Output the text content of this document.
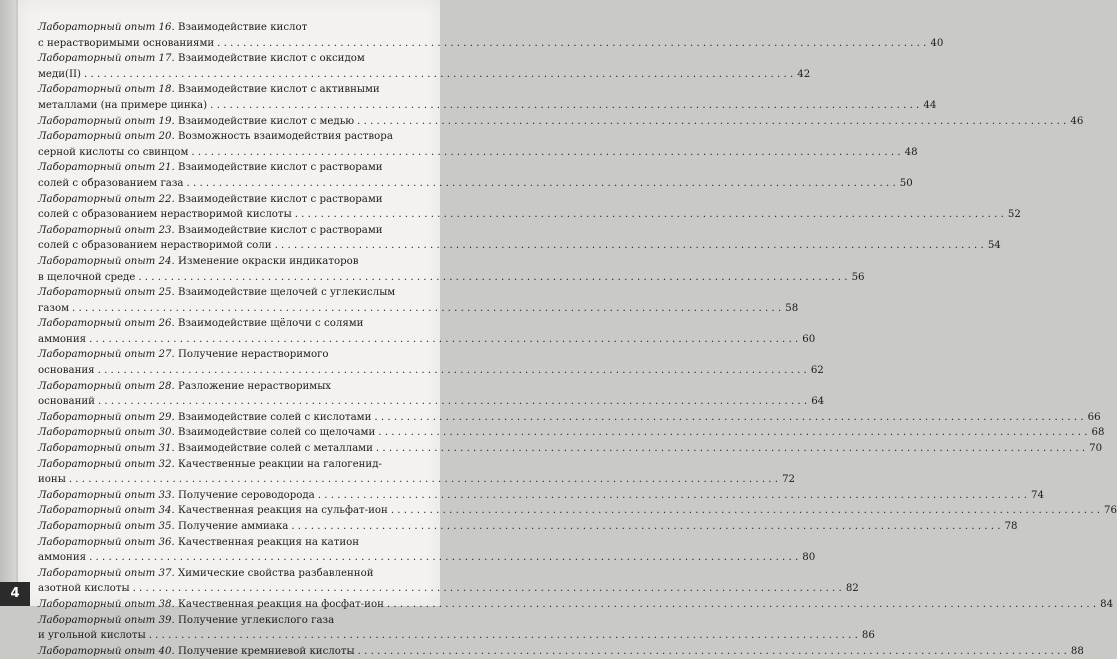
Лабораторный опыт 16. Взаимодействие кислот
с нерастворимыми основаниями . . .	40
Лабораторный опыт 17. Взаимодействие кислот с оксидом
меди(II) . . .	42
Лабораторный опыт 18. Взаимодействие кислот с активными
металлами (на примере цинка) . . .	44
Лабораторный опыт 19. Взаимодействие кислот с медью . . .	46
Лабораторный опыт 20. Возможность взаимодействия раствора
серной кислоты со свинцом . . .	48
Лабораторный опыт 21. Взаимодействие кислот с растворами
солей с образованием газа . . .	50
Лабораторный опыт 22. Взаимодействие кислот с растворами
солей с образованием нерастворимой кислоты . . .	52
Лабораторный опыт 23. Взаимодействие кислот с растворами
солей с образованием нерастворимой соли . . .	54
Лабораторный опыт 24. Изменение окраски индикаторов
в щелочной среде . . .	56
Лабораторный опыт 25. Взаимодействие щелочей с углекислым
газом . . .	58
Лабораторный опыт 26. Взаимодействие щёлочи с солями
аммония . . .	60
Лабораторный опыт 27. Получение нерастворимого
основания . . .	62
Лабораторный опыт 28. Разложение нерастворимых
оснований . . .	64
Лабораторный опыт 29. Взаимодействие солей с кислотами . . .	66
Лабораторный опыт 30. Взаимодействие солей со щелочами . . .	68
Лабораторный опыт 31. Взаимодействие солей с металлами . . .	70
Лабораторный опыт 32. Качественные реакции на галогенид-
ионы . . .	72
Лабораторный опыт 33. Получение сероводорода . . .	74
Лабораторный опыт 34. Качественная реакция на сульфат-ион . . .	76
Лабораторный опыт 35. Получение аммиака . . .	78
Лабораторный опыт 36. Качественная реакция на катион
аммония . . .	80
Лабораторный опыт 37. Химические свойства разбавленной
азотной кислоты . . .	82
Лабораторный опыт 38. Качественная реакция на фосфат-ион . . .	84
Лабораторный опыт 39. Получение углекислого газа
и угольной кислоты . . .	86
Лабораторный опыт 40. Получение кремниевой кислоты . . .	88
4
